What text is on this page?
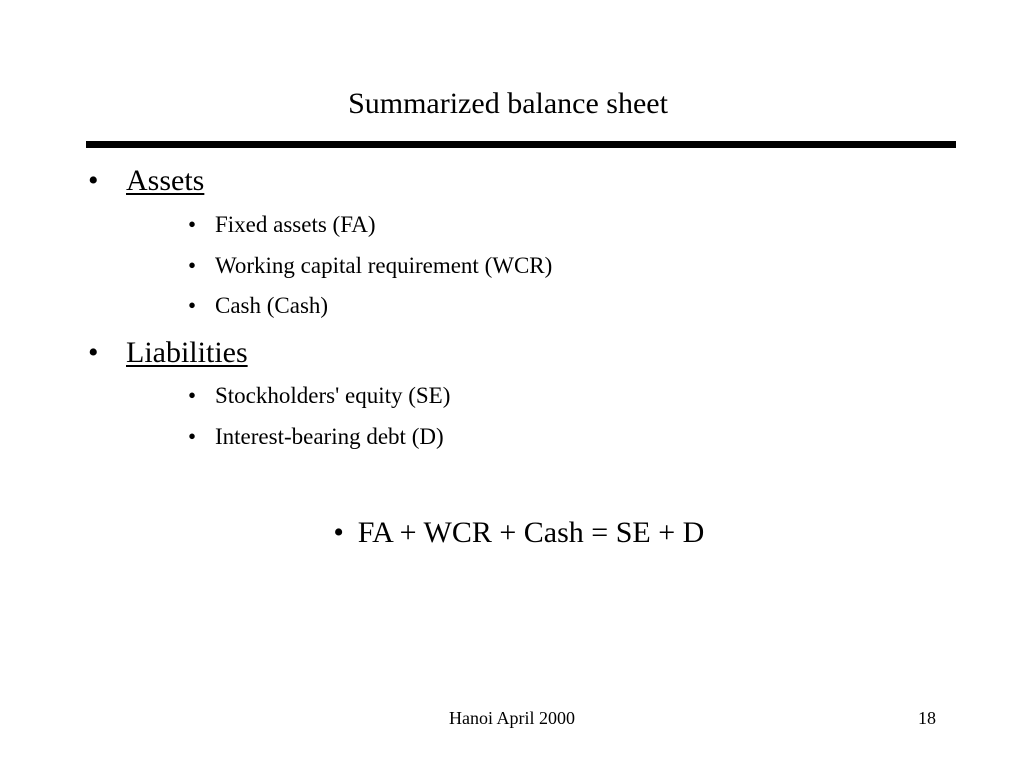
Summarized balance sheet
• Assets
• Fixed assets (FA)
• Working capital requirement (WCR)
• Cash (Cash)
• Liabilities
• Stockholders' equity (SE)
• Interest-bearing debt (D)
• FA + WCR + Cash = SE + D
Hanoi April 2000	18
